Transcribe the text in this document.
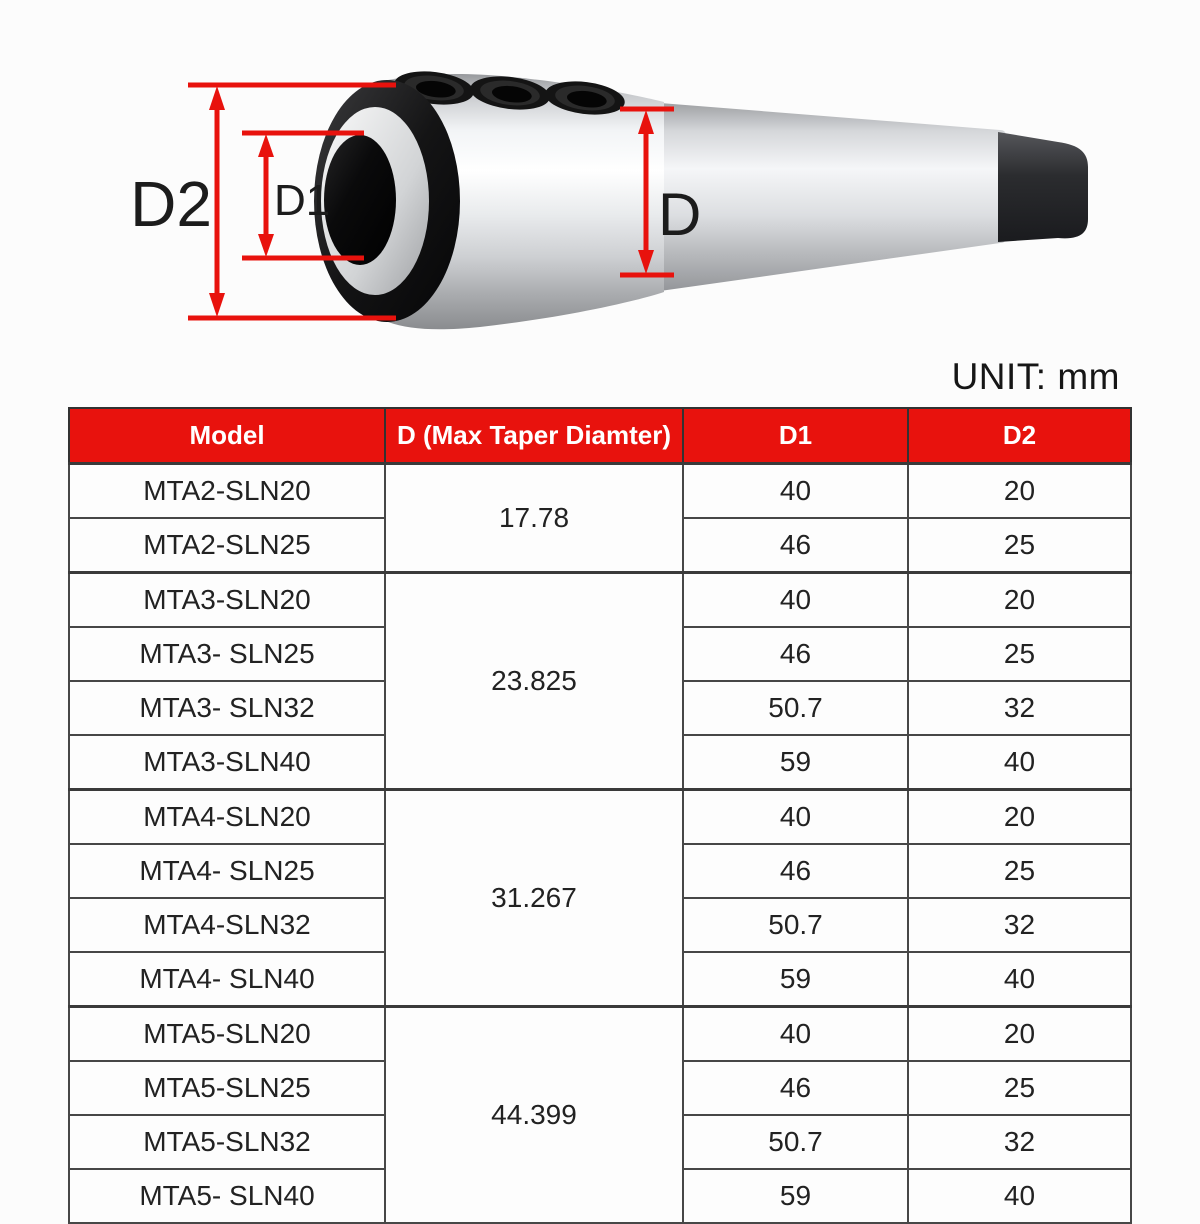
D2 D1	D
UNIT: mm
Model	D (Max Taper Diamter)	D1	D2
MTA2-SLN20	17.78	40	20
MTA2-SLN25		46	25
MTA3-SLN20	23.825	40	20
MTA3- SLN25		46	25
MTA3- SLN32		50.7	32
MTA3-SLN40		59	40
MTA4-SLN20	31.267	40	20
MTA4- SLN25		46	25
MTA4-SLN32		50.7	32
MTA4- SLN40		59	40
MTA5-SLN20	44.399	40	20
MTA5-SLN25		46	25
MTA5-SLN32		50.7	32
MTA5- SLN40		59	40
